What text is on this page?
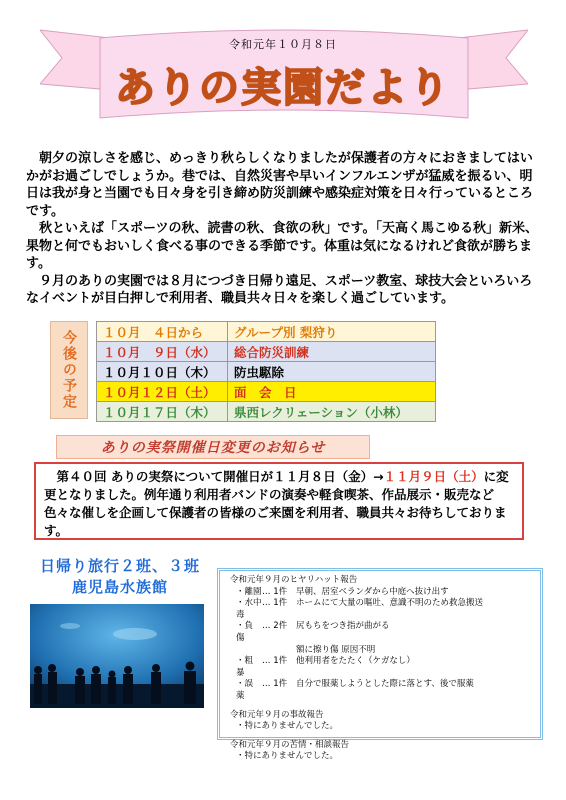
令和元年１０月８日
ありの実園だより

朝夕の涼しさを感じ、めっきり秋らしくなりましたが保護者の方々におきましてはいかがお過ごしでしょうか。巷では、自然災害や早いインフルエンザが猛威を振るい、明日は我が身と当園でも日々身を引き締め防災訓練や感染症対策を日々行っているところです。

秋といえば「スポーツの秋、読書の秋、食欲の秋」です。「天高く馬こゆる秋」新米、果物と何でもおいしく食べる事のできる季節です。体重は気になるけれど食欲が勝ちます。

９月のありの実園では８月につづき日帰り遠足、スポーツ教室、球技大会といろいろなイベントが目白押しで利用者、職員共々日々を楽しく過ごしています。

今後の予定	１０月　４日から	グループ別 梨狩り
１０月　９日（水）	総合防災訓練
１０月１０日（木）	防虫駆除
１０月１２日（土）	面　会　日
１０月１７日（木）	県西レクリェーション（小林）
ありの実祭開催日変更のお知らせ
第４０回 ありの実祭について開催日が１１月８日（金）→１１月９日（土）に変更となりました。例年通り利用者バンドの演奏や軽食喫茶、作品展示・販売など色々な催しを企画して保護者の皆様のご来園を利用者、職員共々お待ちしております。
日帰り旅行２班、３班
鹿児島水族館	令和元年９月のヒヤリハット報告
・離園 … 1件	早朝、居室ベランダから中庭へ抜け出す
・水中毒
… 1件	ホームにて大量の嘔吐、意識不明のため救急搬送
・負　傷
… 2件	尻もちをつき指が曲がる
額に擦り傷 原因不明
・粗　暴
… 1件	他利用者をたたく（ケガなし）
・誤　薬
… 1件	自分で服薬しようとした際に落とす、後で服薬
令和元年９月の事故報告
・特にありませんでした。
令和元年９月の苦情・相談報告
・特にありませんでした。
